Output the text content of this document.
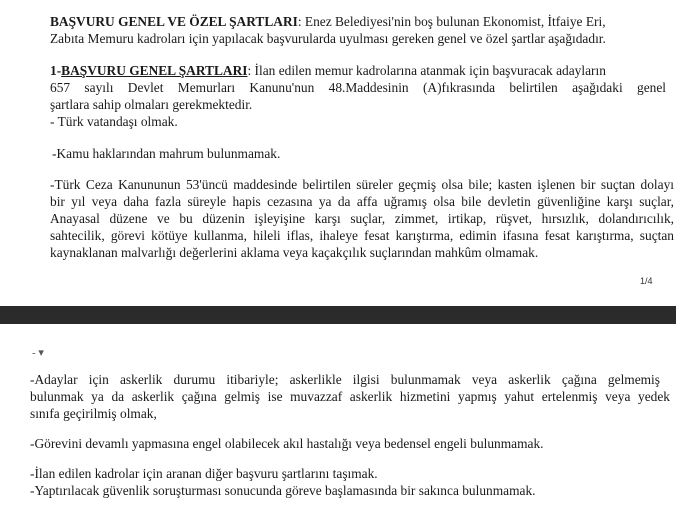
BAŞVURU GENEL VE ÖZEL ŞARTLARI: Enez Belediyesi'nin boş bulunan Ekonomist, İtfaiye Eri,
Zabıta Memuru kadroları için yapılacak başvurularda uyulması gereken genel ve özel şartlar aşağıdadır.
1-BAŞVURU GENEL ŞARTLARI: İlan edilen memur kadrolarına atanmak için başvuracak adayların
657 sayılı Devlet Memurları Kanunu'nun 48.Maddesinin (A)fıkrasında belirtilen aşağıdaki genel
şartlara sahip olmaları gerekmektedir.
- Türk vatandaşı olmak.
-Kamu haklarından mahrum bulunmamak.
-Türk Ceza Kanununun 53'üncü maddesinde belirtilen süreler geçmiş olsa bile; kasten işlenen bir suçtan dolayı
bir yıl veya daha fazla süreyle hapis cezasına ya da affa uğramış olsa bile devletin güvenliğine karşı suçlar,
Anayasal düzene ve bu düzenin işleyişine karşı suçlar, zimmet, irtikap, rüşvet, hırsızlık, dolandırıcılık,
sahtecilik, görevi kötüye kullanma, hileli iflas, ihaleye fesat karıştırma, edimin ifasına fesat karıştırma, suçtan
kaynaklanan malvarlığı değerlerini aklama veya kaçakçılık suçlarından mahkûm olmamak.
1/4
- ▾
-Adaylar için askerlik durumu itibariyle; askerlikle ilgisi bulunmamak veya askerlik çağına gelmemiş
bulunmak ya da askerlik çağına gelmiş ise muvazzaf askerlik hizmetini yapmış yahut ertelenmiş veya yedek
sınıfa geçirilmiş olmak,
-Görevini devamlı yapmasına engel olabilecek akıl hastalığı veya bedensel engeli bulunmamak.
-İlan edilen kadrolar için aranan diğer başvuru şartlarını taşımak.
-Yaptırılacak güvenlik soruşturması sonucunda göreve başlamasında bir sakınca bulunmamak.
